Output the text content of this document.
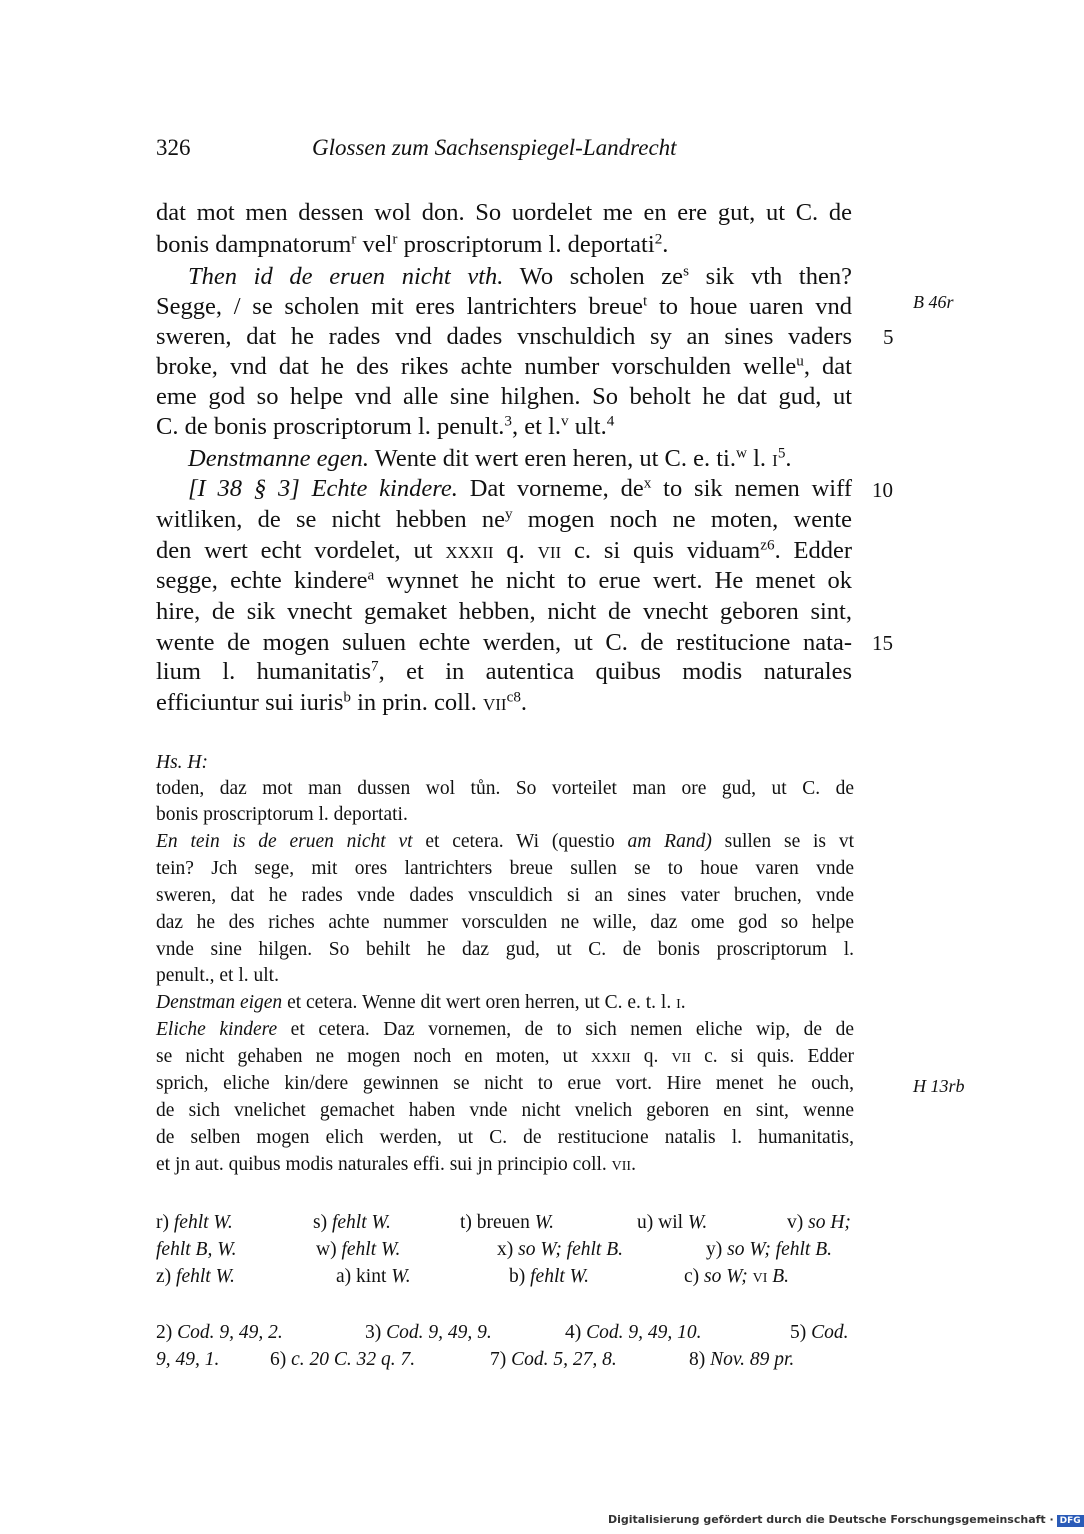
326	Glossen zum Sachsenspiegel-Landrecht
dat mot men dessen wol don. So uordelet me en ere gut, ut C. de
bonis dampnatorum$^r$ vel$^r$ proscriptorum l. deportati$^2$.
Then id de eruen nicht vth. Wo scholen $ze^s$ sik vth then?
Segge, / se scholen mit eres lantrichters breue$^t$ to houe uaren vnd
sweren, dat he rades vnd dades vnschuldich sy an sines vaders
broke, vnd dat he des rikes achte number vorschulden welle$^u$, dat
eme god so helpe vnd alle sine hilghen. So beholt he dat gud, ut
C. de bonis proscriptorum l. penult.$^3$, et l.$^v$ ult.$^4$
Denstmanne egen. Wente dit wert eren heren, ut C. e. ti.$^w$ l. $i^5$.
[I 38 § 3] Echte kindere. Dat vorneme, $de^x$ to sik nemen wiff
witliken, de se nicht hebben $ne^y$ mogen noch ne moten, wente
den wert echt vordelet, ut xxxii q. vii c. si quis viduam$^{z6}$. Edder
segge, echte kindere$^a$ wynnet he nicht to erue wert. He menet ok
hire, de sik vnecht gemaket hebben, nicht de vnecht geboren sint,
wente de mogen suluen echte werden, ut C. de restitucione nata-
lium l. humanitatis$^7$, et in autentica quibus modis naturales
efficiuntur sui iuris$^b$ in prin. coll. vii$^{c8}$.
B 46r
H 13rb
5
10
15
Hs. H:
toden, daz mot man dussen wol tůn. So vorteilet man ore gud, ut C. de
bonis proscriptorum l. deportati.
En tein is de eruen nicht vt et cetera. Wi (questio am Rand) sullen se is vt
tein? Jch sege, mit ores lantrichters breue sullen se to houe varen vnde
sweren, dat he rades vnde dades vnsculdich si an sines vater bruchen, vnde
daz he des riches achte nummer vorsculden ne wille, daz ome god so helpe
vnde sine hilgen. So behilt he daz gud, ut C. de bonis proscriptorum l.
penult., et l. ult.
Denstman eigen et cetera. Wenne dit wert oren herren, ut C. e. t. l. i.
Eliche kindere et cetera. Daz vornemen, de to sich nemen eliche wip, de de
se nicht gehaben ne mogen noch en moten, ut xxxii q. vii c. si quis. Edder
sprich, eliche kin/dere gewinnen se nicht to erue vort. Hire menet he ouch,
de sich vnelichet gemachet haben vnde nicht vnelich geboren en sint, wenne
de selben mogen elich werden, ut C. de restitucione natalis l. humanitatis,
et jn aut. quibus modis naturales effi. sui jn principio coll. vii.
r) fehlt W.	s) fehlt W.	t) breuen W.	u) wil W.	v) so H;
fehlt B, W.	w) fehlt W.	x) so W; fehlt B.	y) so W; fehlt B.
z) fehlt W.	a) kint W.	b) fehlt W.	c) so W; vi B.
2) Cod. 9, 49, 2.	3) Cod. 9, 49, 9.	4) Cod. 9, 49, 10.	5) Cod.
9, 49, 1.	6) c. 20 C. 32 q. 7.	7) Cod. 5, 27, 8.	8) Nov. 89 pr.
Digitalisierung gefördert durch die Deutsche Forschungsgemeinschaft · DFG
